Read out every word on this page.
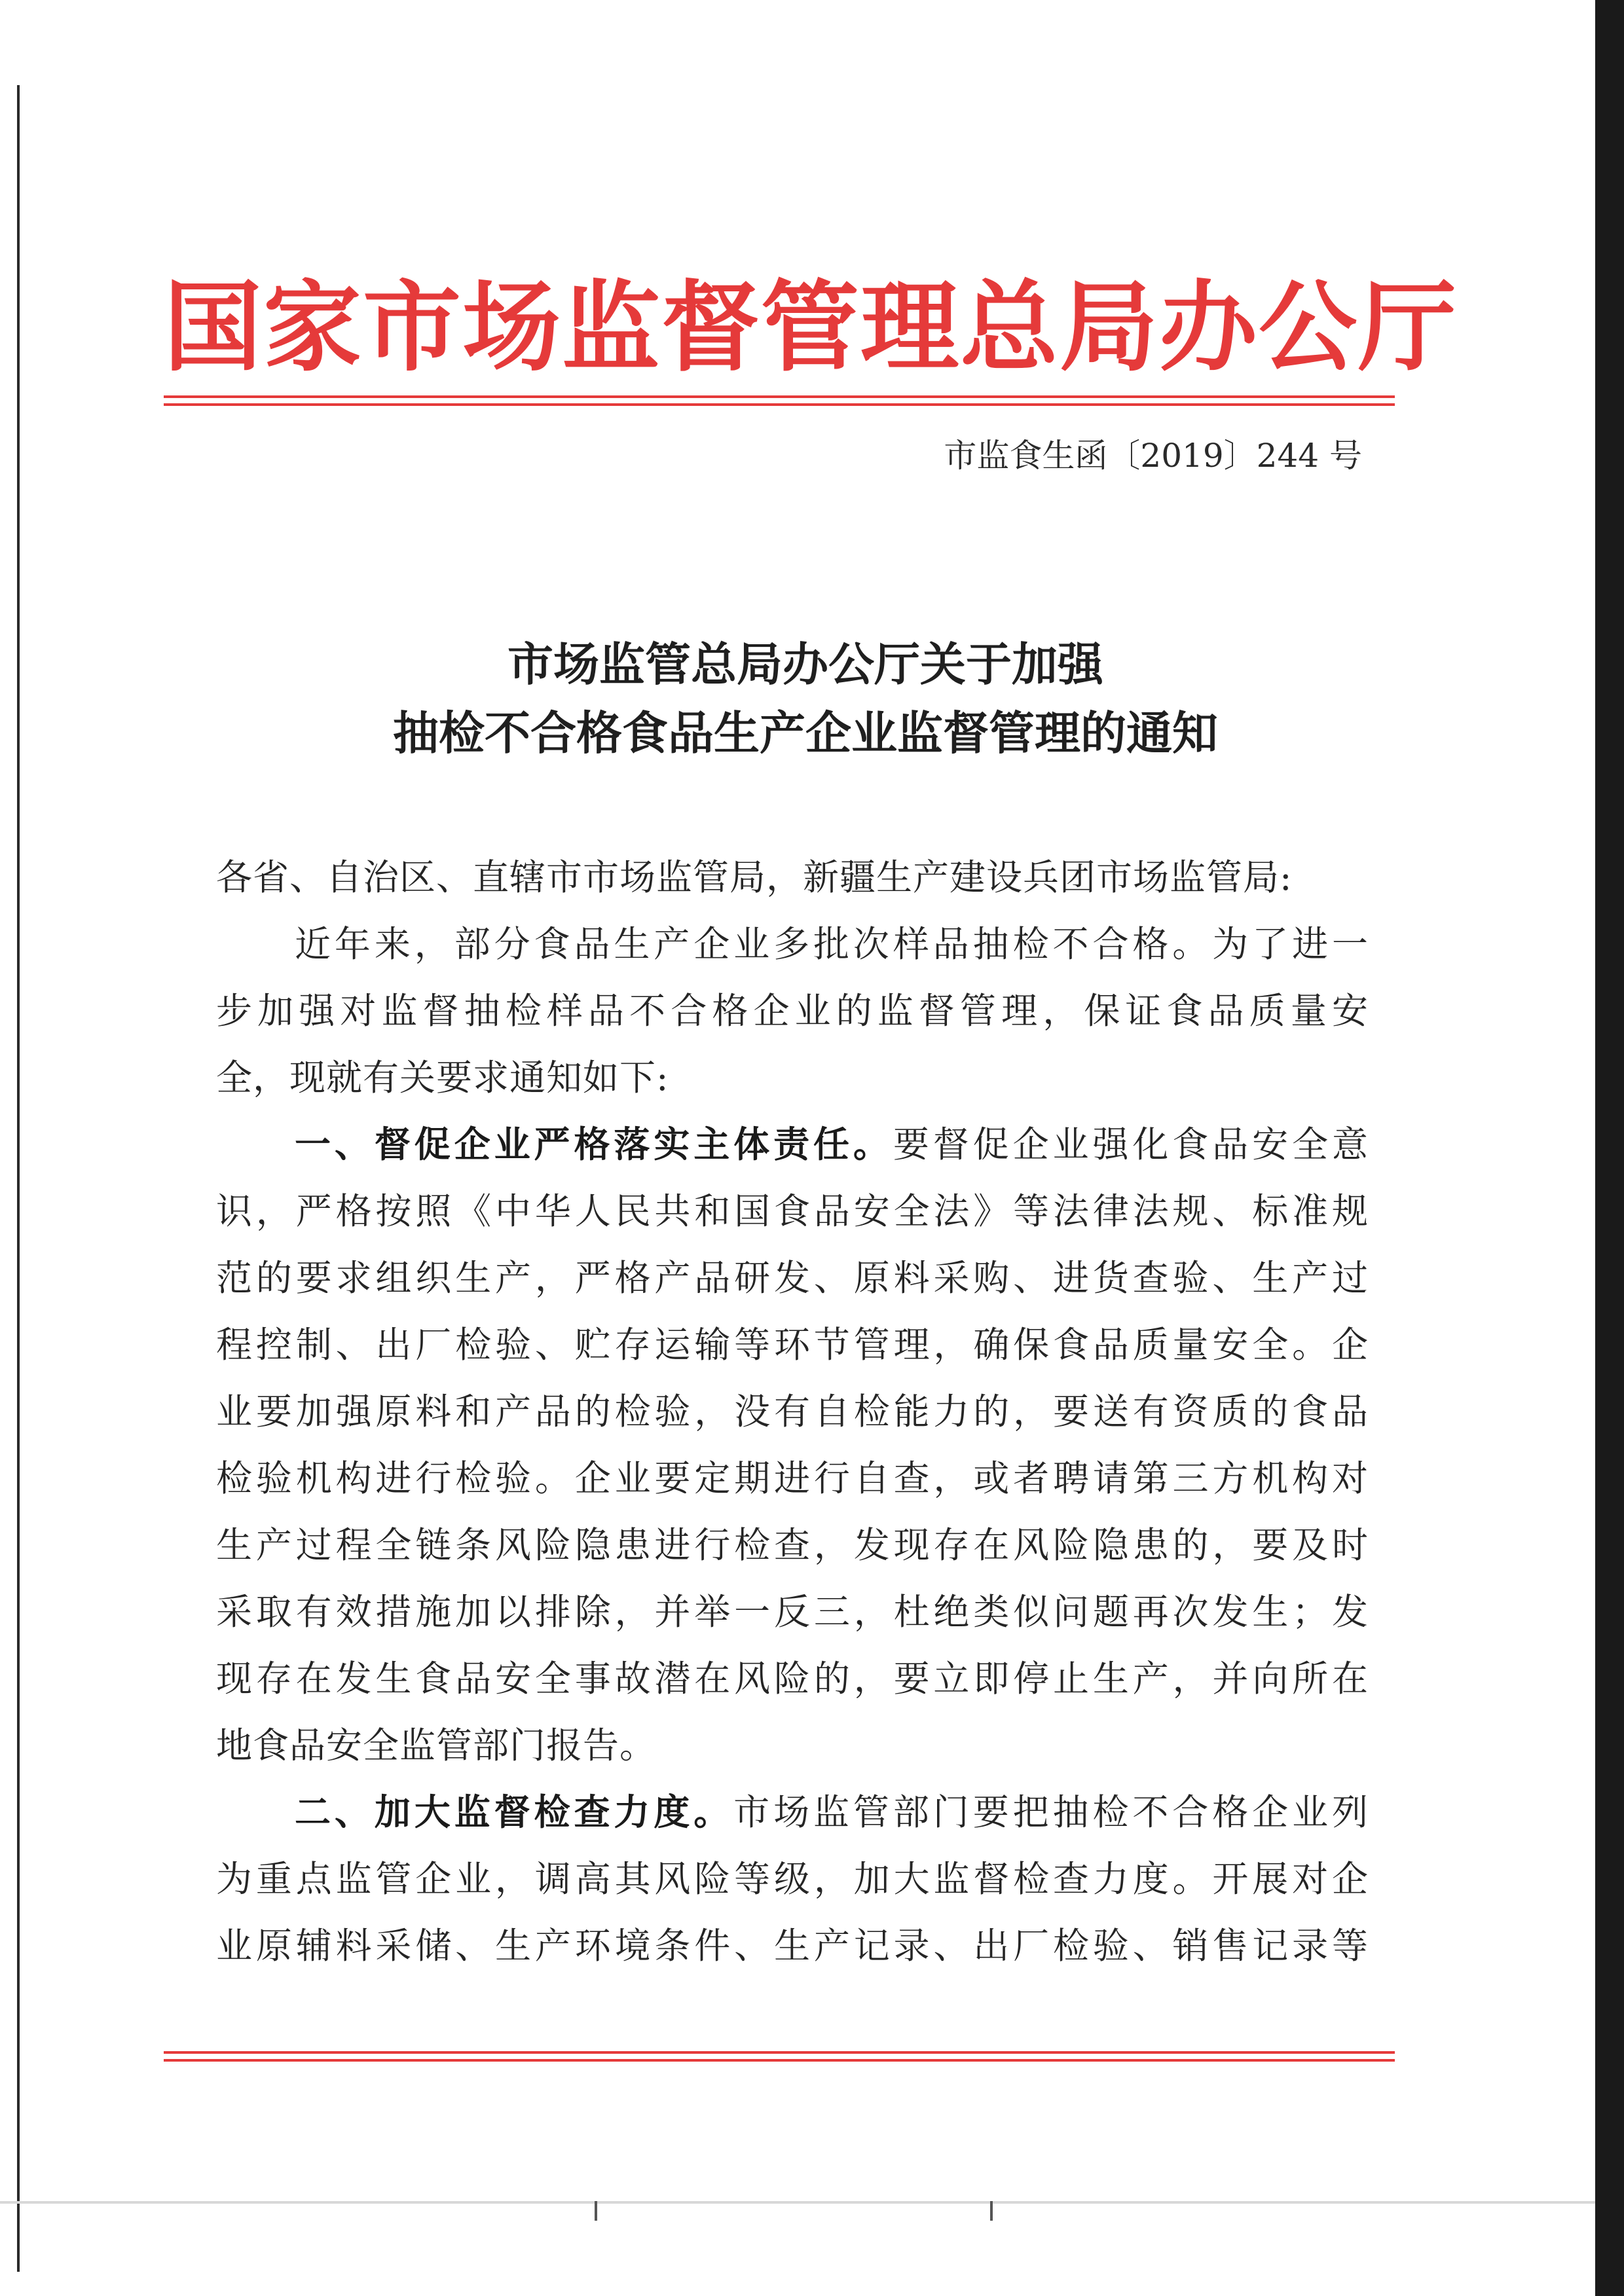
国家市场监督管理总局办公厅
市监食生函〔2019〕244 号
市场监管总局办公厅关于加强
抽检不合格食品生产企业监督管理的通知
各省、自治区、直辖市市场监管局，新疆生产建设兵团市场监管局:
近年来，部分食品生产企业多批次样品抽检不合格。为了进一
步加强对监督抽检样品不合格企业的监督管理，保证食品质量安
全，现就有关要求通知如下:
一、督促企业严格落实主体责任。要督促企业强化食品安全意
识，严格按照《中华人民共和国食品安全法》等法律法规、标准规
范的要求组织生产，严格产品研发、原料采购、进货查验、生产过
程控制、出厂检验、贮存运输等环节管理，确保食品质量安全。企
业要加强原料和产品的检验，没有自检能力的，要送有资质的食品
检验机构进行检验。企业要定期进行自查，或者聘请第三方机构对
生产过程全链条风险隐患进行检查，发现存在风险隐患的，要及时
采取有效措施加以排除，并举一反三，杜绝类似问题再次发生；发
现存在发生食品安全事故潜在风险的，要立即停止生产，并向所在
地食品安全监管部门报告。
二、加大监督检查力度。市场监管部门要把抽检不合格企业列
为重点监管企业，调高其风险等级，加大监督检查力度。开展对企
业原辅料采储、生产环境条件、生产记录、出厂检验、销售记录等
